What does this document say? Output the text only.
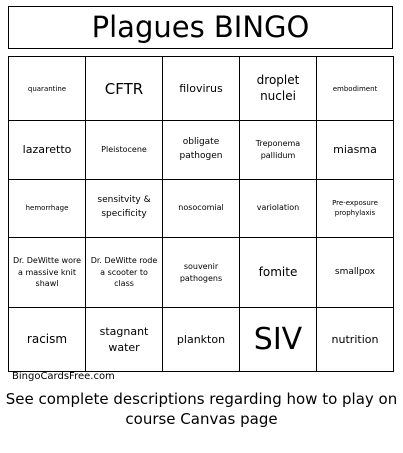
Plagues BINGO
quarantine	CFTR	filovirus	droplet nuclei	embodiment
lazaretto	Pleistocene	obligate pathogen	Treponema pallidum	miasma
hemorrhage	sensitvity & specificity	nosocomial	variolation	Pre-exposure prophylaxis
Dr. DeWitte wore a massive knit shawl	Dr. DeWitte rode a scooter to class	souvenir pathogens	fomite	smallpox
racism	stagnant water	plankton	SIV	nutrition
BingoCardsFree.com
See complete descriptions regarding how to play on course Canvas page
